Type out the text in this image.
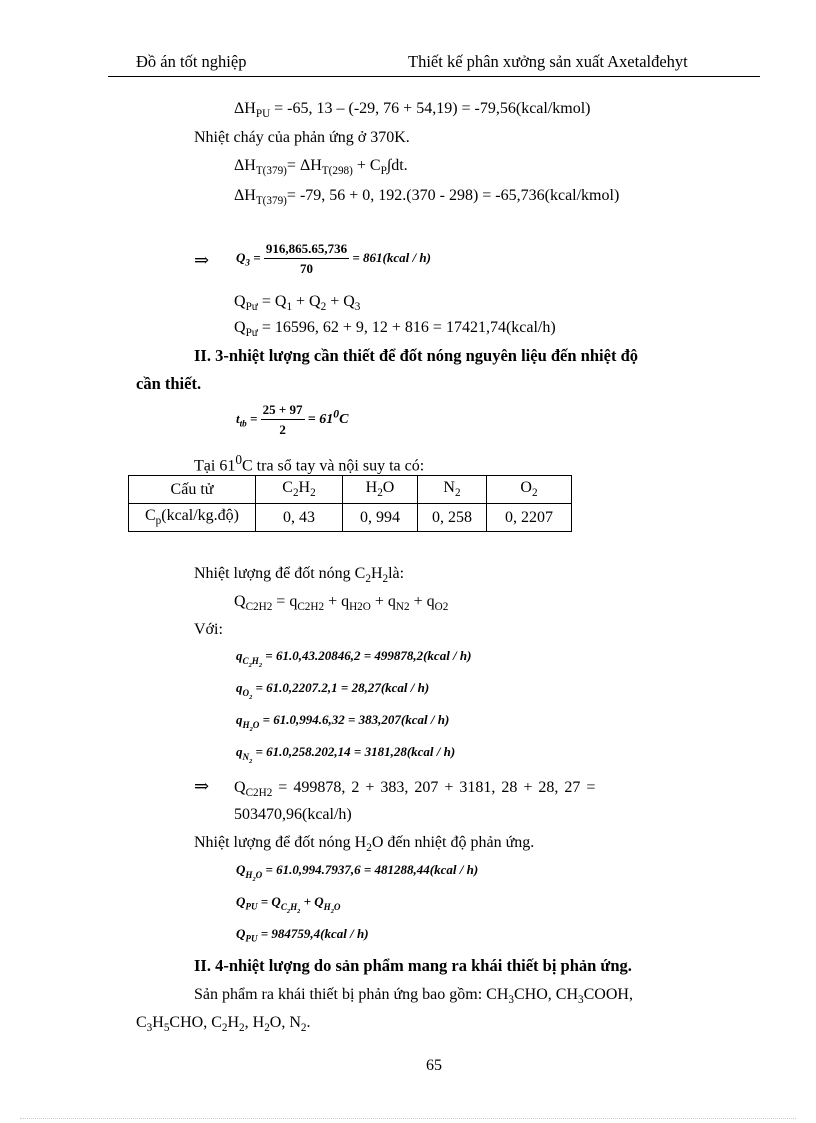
Đồ án tốt nghiệp	Thiết kế phân xưởng sản xuất Axetalđehyt
$\Delta H_{PU} = -65$, 13 – (-29, 76 + 54,19) = -79,56(kcal/kmol)
Nhiệt cháy của phản ứng ở 370K.
$\Delta H_{T(379)}= \Delta H_{T(298)} + C_P\int dt$.
$\Delta H_{T(379)}= -79$, 56 + 0, 192.(370 - 298) = -65,736(kcal/kmol)
⇒ $Q_3 = \frac{916,865.65,736}{70}$ = 861(kcal / h)
$Q_{Pư} = Q_1 + Q_2 + Q_3$
$Q_{Pư} = 16596$, 62 + 9, 12 + 816 = 17421,74(kcal/h)
II. 3-nhiệt lượng cần thiết để đốt nóng nguyên liệu đến nhiệt độ
cần thiết.
$t_{tb} = \frac{25 + 97}{2} = 61^0C$
Tại $61^0C$ tra sổ tay và nội suy ta có:
Cấu tử	$C_2H_2$	$H_2O$	$N_2$	$O_2$
$C_p(kcal/kg.độ)$	0, 43	0, 994	0, 258	0, 2207
Nhiệt lượng để đốt nóng $C_2H_2là$:
$Q_{C2H2} = q_{C2H2} + q_{H2O} + q_{N2} + q_{O2}$
Với:
$q_{C_2H_2} = 61.0,43.20846,2$ = 499878,2(kcal / h)
$q_{O_2} = 61.0,2207.2,1$ = 28,27(kcal / h)
$q_{H_2O} = 61.0,994.6,32$ = 383,207(kcal / h)
$q_{N_2} = 61.0,258.202,14$ = 3181,28(kcal / h)
⇒ $Q_{C2H2} = 499878$, 2 + 383, 207 + 3181, 28 + 28, 27 =
503470,96(kcal/h)
Nhiệt lượng để đốt nóng $H_2O$ đến nhiệt độ phản ứng.
$Q_{H_2O} = 61.0,994.7937,6$ = 481288,44(kcal / h)
$Q_{PU} = Q_{C_2H_2} + Q_{H_2O}$
$Q_{PU}$ = 984759,4(kcal / h)
II. 4-nhiệt lượng do sản phẩm mang ra khái thiết bị phản ứng.
Sản phẩm ra khái thiết bị phản ứng bao gồm: $CH_3CHO$, $CH_3COOH$,
$C_3H_5CHO$, $C_2H_2$, $H_2O$, $N_2$.
65
